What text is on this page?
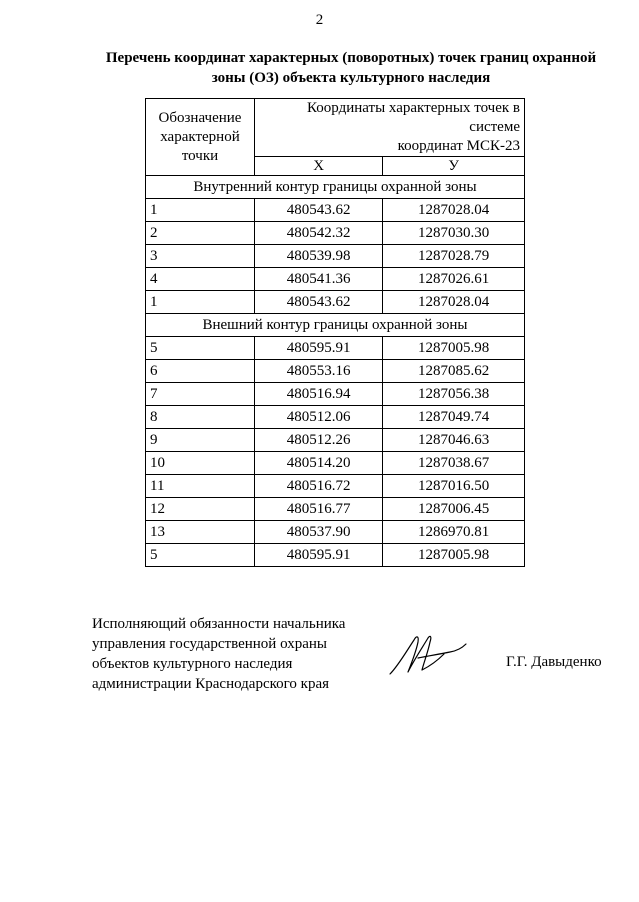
2
Перечень координат характерных (поворотных) точек границ охранной
зоны (ОЗ) объекта культурного наследия
Обозначение
характерной
точки	Координаты характерных точек в системе
координат МСК-23	
	Х	У
Внутренний контур границы охранной зоны		
1	480543.62	1287028.04
2	480542.32	1287030.30
3	480539.98	1287028.79
4	480541.36	1287026.61
1	480543.62	1287028.04
Внешний контур границы охранной зоны		
5	480595.91	1287005.98
6	480553.16	1287085.62
7	480516.94	1287056.38
8	480512.06	1287049.74
9	480512.26	1287046.63
10	480514.20	1287038.67
11	480516.72	1287016.50
12	480516.77	1287006.45
13	480537.90	1286970.81
5	480595.91	1287005.98
Исполняющий обязанности начальника
управления государственной охраны
объектов культурного наследия
администрации Краснодарского края
Г.Г. Давыденко
